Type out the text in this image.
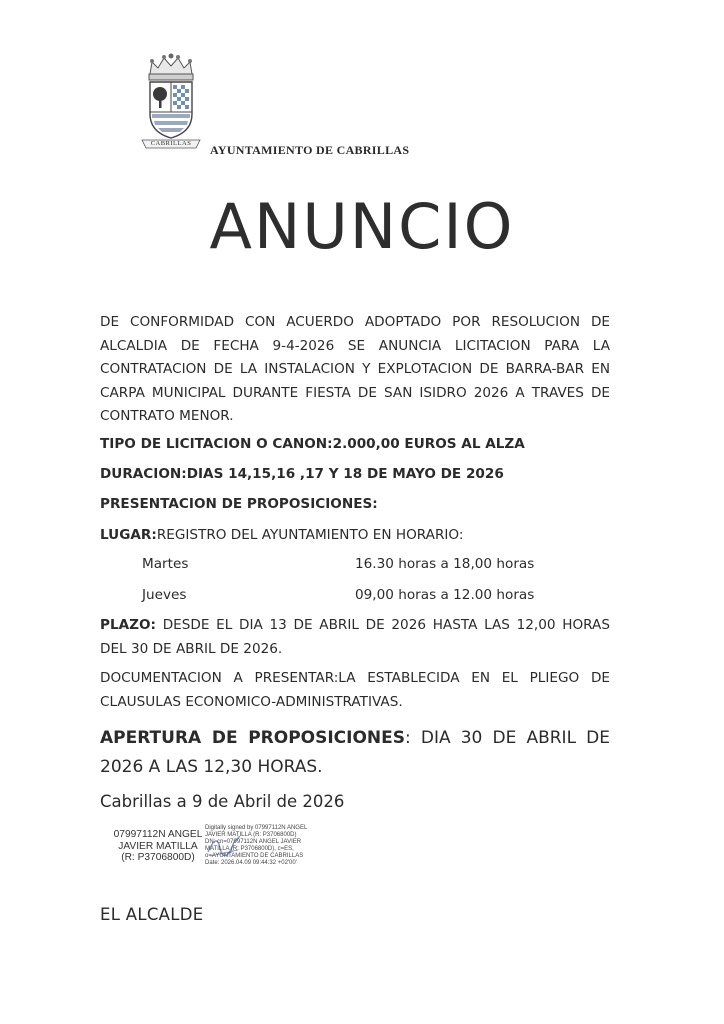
CABRILLAS	AYUNTAMIENTO DE CABRILLAS
ANUNCIO
DE CONFORMIDAD CON ACUERDO ADOPTADO POR RESOLUCION DE ALCALDIA DE FECHA 9-4-2026 SE ANUNCIA LICITACION PARA LA CONTRATACION DE LA INSTALACION Y EXPLOTACION DE BARRA-BAR EN CARPA MUNICIPAL DURANTE FIESTA DE SAN ISIDRO 2026 A TRAVES DE CONTRATO MENOR.
TIPO DE LICITACION O CANON:2.000,00 EUROS AL ALZA
DURACION:DIAS 14,15,16 ,17 Y 18 DE MAYO DE 2026
PRESENTACION DE PROPOSICIONES:
LUGAR:REGISTRO DEL AYUNTAMIENTO EN HORARIO:
Martes	16.30 horas a 18,00 horas
Jueves	09,00 horas a 12.00 horas
PLAZO: DESDE EL DIA 13 DE ABRIL DE 2026 HASTA LAS 12,00 HORAS DEL 30 DE ABRIL DE 2026.
DOCUMENTACION A PRESENTAR:LA ESTABLECIDA EN EL PLIEGO DE CLAUSULAS ECONOMICO-ADMINISTRATIVAS.
APERTURA DE PROPOSICIONES: DIA 30 DE ABRIL DE 2026 A LAS 12,30 HORAS.
Cabrillas a 9 de Abril de 2026
07997112N ANGEL JAVIER MATILLA (R: P3706800D)
Digitally signed by 07997112N ANGEL JAVIER MATILLA (R: P3706800D)
DN: cn=07997112N ANGEL JAVIER MATILLA (R: P3706800D), c=ES, o=AYUNTAMIENTO DE CABRILLAS
Date: 2026.04.09 09:44:32 +02'00'
EL ALCALDE
